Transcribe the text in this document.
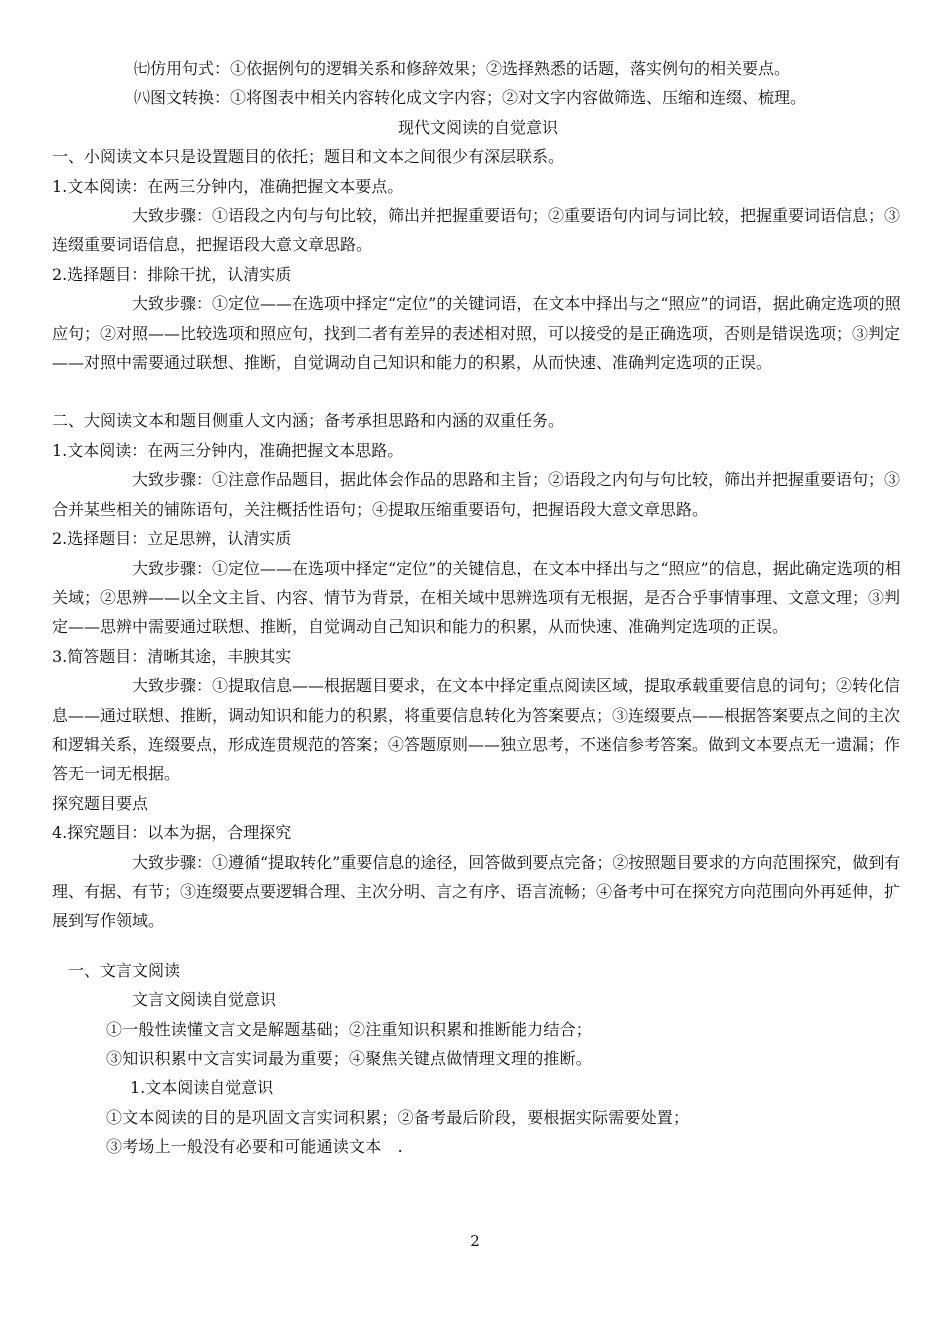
㈦仿用句式：①依据例句的逻辑关系和修辞效果；②选择熟悉的话题，落实例句的相关要点。

㈧图文转换：①将图表中相关内容转化成文字内容；②对文字内容做筛选、压缩和连缀、梳理。

现代文阅读的自觉意识

一、小阅读文本只是设置题目的依托；题目和文本之间很少有深层联系。

1.文本阅读：在两三分钟内，准确把握文本要点。

大致步骤：①语段之内句与句比较，筛出并把握重要语句；②重要语句内词与词比较，把握重要词语信息；③连缀重要词语信息，把握语段大意文章思路。

2.选择题目：排除干扰，认清实质

大致步骤：①定位——在选项中择定“定位”的关键词语，在文本中择出与之“照应”的词语，据此确定选项的照应句；②对照——比较选项和照应句，找到二者有差异的表述相对照，可以接受的是正确选项，否则是错误选项；③判定——对照中需要通过联想、推断，自觉调动自己知识和能力的积累，从而快速、准确判定选项的正误。

二、大阅读文本和题目侧重人文内涵；备考承担思路和内涵的双重任务。

1.文本阅读：在两三分钟内，准确把握文本思路。

大致步骤：①注意作品题目，据此体会作品的思路和主旨；②语段之内句与句比较，筛出并把握重要语句；③合并某些相关的铺陈语句，关注概括性语句；④提取压缩重要语句，把握语段大意文章思路。

2.选择题目：立足思辨，认清实质

大致步骤：①定位——在选项中择定“定位”的关键信息，在文本中择出与之“照应”的信息，据此确定选项的相关域；②思辨——以全文主旨、内容、情节为背景，在相关域中思辨选项有无根据，是否合乎事情事理、文意文理；③判定——思辨中需要通过联想、推断，自觉调动自己知识和能力的积累，从而快速、准确判定选项的正误。

3.简答题目：清晰其途，丰腴其实

大致步骤：①提取信息——根据题目要求，在文本中择定重点阅读区域，提取承载重要信息的词句；②转化信息——通过联想、推断，调动知识和能力的积累，将重要信息转化为答案要点；③连缀要点——根据答案要点之间的主次和逻辑关系，连缀要点，形成连贯规范的答案；④答题原则——独立思考，不迷信参考答案。做到文本要点无一遗漏；作答无一词无根据。

探究题目要点

4.探究题目：以本为据，合理探究

大致步骤：①遵循“提取转化”重要信息的途径，回答做到要点完备；②按照题目要求的方向范围探究，做到有理、有据、有节；③连缀要点要逻辑合理、主次分明、言之有序、语言流畅；④备考中可在探究方向范围向外再延伸，扩展到写作领域。

一、文言文阅读

文言文阅读自觉意识

①一般性读懂文言文是解题基础；②注重知识积累和推断能力结合；

③知识积累中文言实词最为重要；④聚焦关键点做情理文理的推断。

1.文本阅读自觉意识

①文本阅读的目的是巩固文言实词积累；②备考最后阶段，要根据实际需要处置；

③考场上一般没有必要和可能通读文本　.

2
